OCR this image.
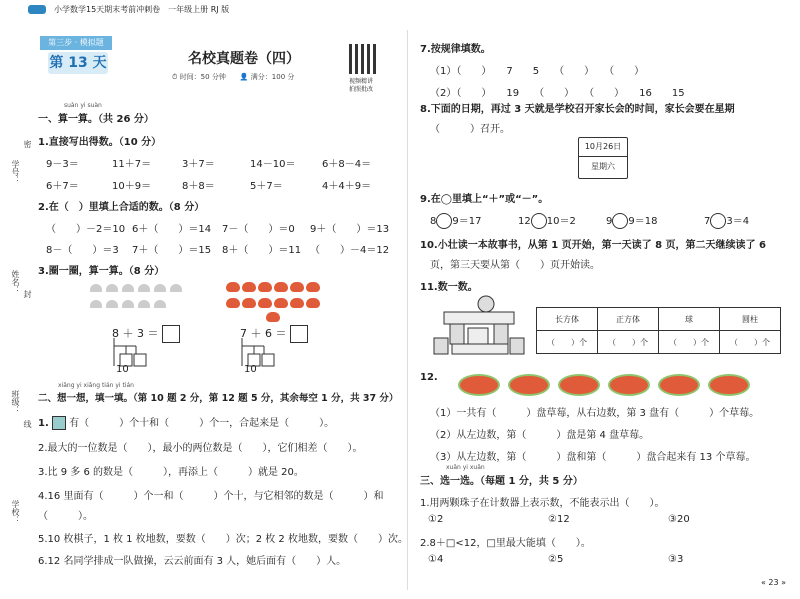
小学数学15天期末考前冲刺卷　一年级上册 RJ 版
第三步 · 模拟题
第 13 天	名校真题卷（四）
⏱ 时间：50 分钟　　👤 满分：100 分
视频精讲
拍照批改
学号：
密
姓名： 封
班级：
线
学校：
suàn yi suàn
一、算一算。（共 26 分）
1.直接写出得数。（10 分）
9－3＝	11＋7＝	3＋7＝	14－10＝	6＋8－4＝
6＋7＝	10＋9＝	8＋8＝	5＋7＝	4＋4＋9＝
2.在（　）里填上合适的数。（8 分）
（　　）－2＝10 6＋（　　）＝14 7－（　　）＝0 9＋（　　）＝13
8－（　　）＝3 7＋（　　）＝15 8＋（　　）＝11 （　　）－4＝12
3.圈一圈，算一算。（8 分）
8 ＋ 3 ＝	7 ＋ 6 ＝
10	10
xiǎng yi xiǎng tián yi tián
二、想一想，填一填。（第 10 题 2 分，第 12 题 5 分，其余每空 1 分，共 37 分）
1. 有（　　　）个十和（　　　）个一，合起来是（　　　）。
2.最大的一位数是（　　），最小的两位数是（　　），它们相差（　　）。
3.比 9 多 6 的数是（　　　），再添上（　　　）就是 20。
4.16 里面有（　　　）个一和（　　　）个十，与它相邻的数是（　　　）和
（　　　）。
5.10 枚棋子，1 枚 1 枚地数，要数（　　）次；2 枚 2 枚地数，要数（　　）次。
6.12 名同学排成一队做操，云云前面有 3 人，她后面有（　　）人。
7.按规律填数。
（1）（　　）　　 7　　 5　　 （　　）　　 （　　）
（2）（　　）　　 19　　 （　　）　　 （　　）　　 16　　 15
8.下面的日期，再过 3 天就是学校召开家长会的时间，家长会要在星期
（　　　）召开。
10月26日
星期六
9.在◯里填上“＋”或“－”。
8 9＝17	12 10＝2	9 9＝18	7 3＝4
10.小壮读一本故事书，从第 1 页开始，第一天读了 8 页，第二天继续读了 6
页，第三天要从第（　　）页开始读。
11.数一数。
长方体	正方体	球	圆柱
（　　）个	（　　）个	（　　）个	（　　）个
12.
（1）一共有（　　　）盘草莓，从右边数，第 3 盘有（　　　）个草莓。
（2）从左边数，第（　　　）盘是第 4 盘草莓。
（3）从左边数，第（　　　）盘和第（　　　）盘合起来有 13 个草莓。
xuǎn yi xuǎn
三、选一选。（每题 1 分，共 5 分）
1.用两颗珠子在计数器上表示数，不能表示出（　　）。
①2	②12	③20
2.8＋□<12，□里最大能填（　　）。
①4	②5	③3
« 23 »
